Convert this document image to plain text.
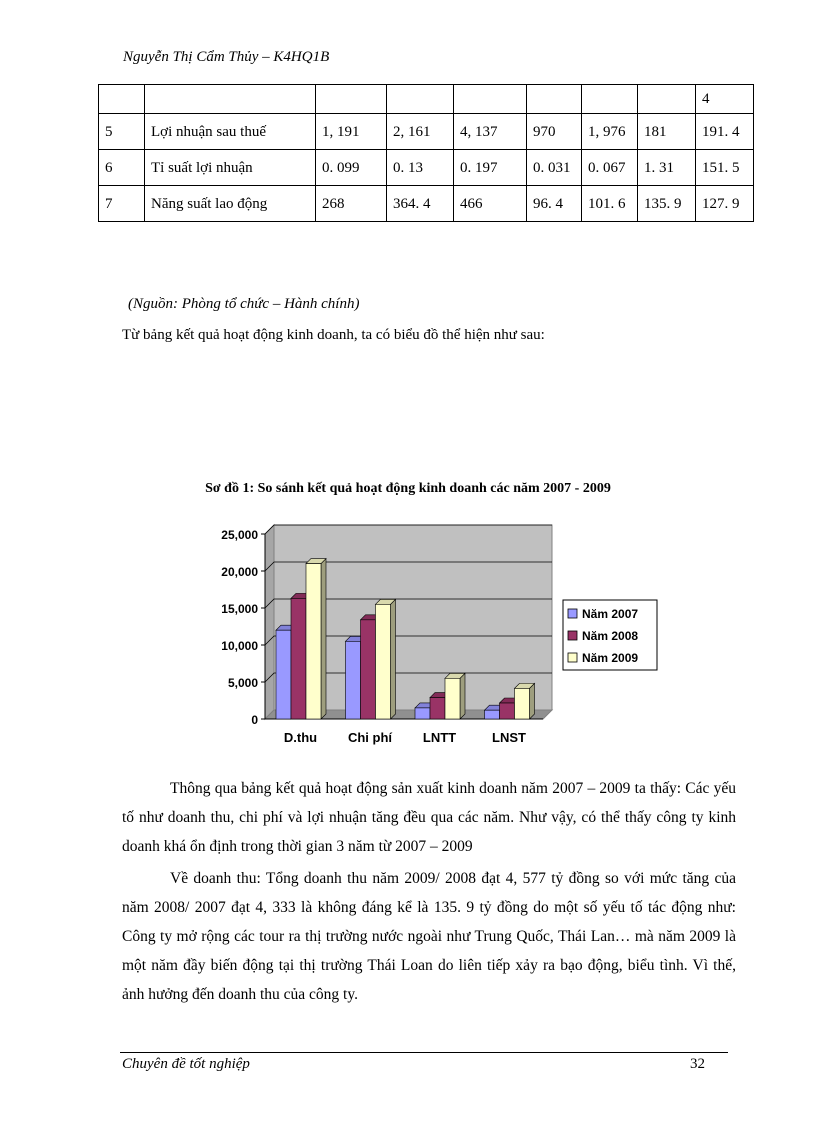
Nguyễn Thị Cẩm Thủy – K4HQ1B
								4
5	Lợi nhuận sau thuế	1, 191	2, 161	4, 137	970	1, 976	181	191. 4
6	Tỉ suất lợi nhuận	0. 099	0. 13	0. 197	0. 031	0. 067	1. 31	151. 5
7	Năng suất lao động	268	364. 4	466	96. 4	101. 6	135. 9	127. 9
(Nguồn: Phòng tổ chức – Hành chính)
Từ bảng kết quả hoạt động kinh doanh, ta có biểu đồ thể hiện như sau:
Sơ đồ 1: So sánh kết quả hoạt động kinh doanh các năm 2007 - 2009
0
5,000
10,000
15,000
20,000
25,000
D.thu Chi phí LNTT	LNST
Năm 2007
Năm 2008
Năm 2009
Thông qua bảng kết quả hoạt động sản xuất kinh doanh năm 2007 – 2009 ta thấy: Các yếu tố như doanh thu, chi phí và lợi nhuận tăng đều qua các năm. Như vậy, có thể thấy công ty kinh doanh khá ổn định trong thời gian 3 năm từ 2007 – 2009
Về doanh thu: Tổng doanh thu năm 2009/ 2008 đạt 4, 577 tỷ đồng so với mức tăng của năm 2008/ 2007 đạt 4, 333 là không đáng kể là 135. 9 tỷ đồng do một số yếu tố tác động như: Công ty mở rộng các tour ra thị trường nước ngoài như Trung Quốc, Thái Lan… mà năm 2009 là một năm đầy biến động tại thị trường Thái Loan do liên tiếp xảy ra bạo động, biểu tình. Vì thế, ảnh hưởng đến doanh thu của công ty.
Chuyên đề tốt nghiệp	32
